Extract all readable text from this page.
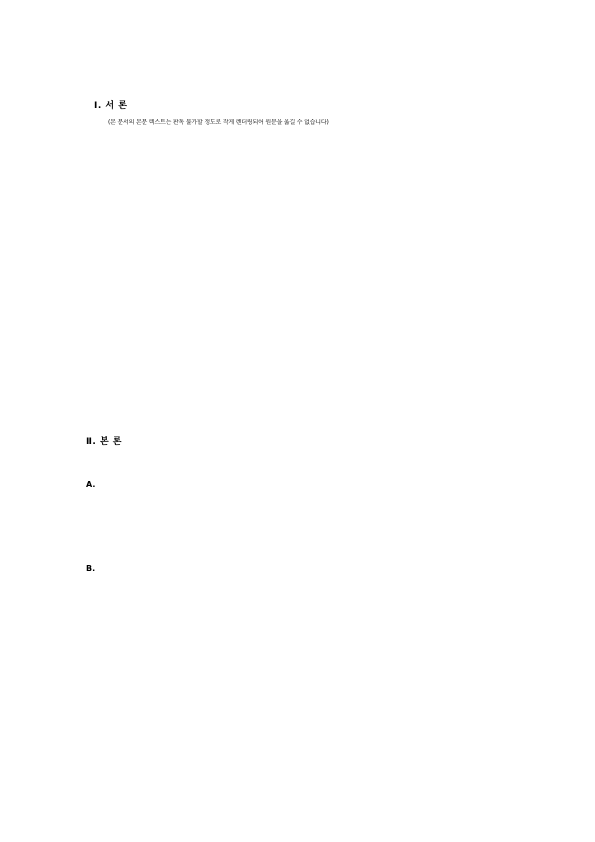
Ⅰ. 서 론
(본 문서의 본문 텍스트는 판독 불가할 정도로 작게 렌더링되어 원문을 옮길 수 없습니다)
Ⅱ. 본 론
A.
B.
